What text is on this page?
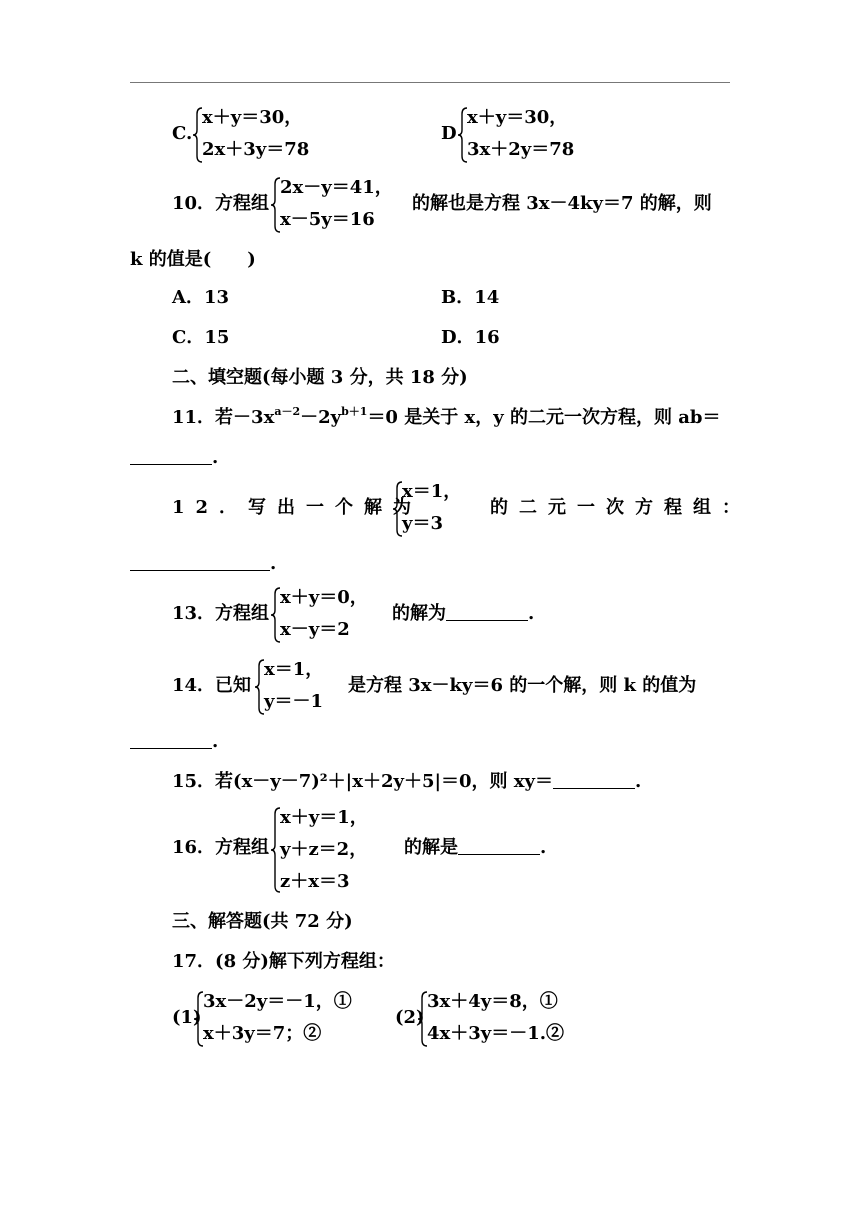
C.
x＋y＝30，
2x＋3y＝78
D
x＋y＝30，
3x＋2y＝78
10．方程组
2x－y＝41，
x－5y＝16
的解也是方程 3x－4ky＝7 的解，则
k 的值是(　　)
A．13	B．14
C．15	D．16
二、填空题(每小题 3 分，共 18 分)
11．若$-3x^{a-2}-2y^{b+1}=0$ 是关于 x，y 的二元一次方程，则 ab＝
.
12．写出一个解为
x＝1，
y＝3
的二元一次方程组：
.
13．方程组
x＋y＝0，
x－y＝2
的解为	.
14．已知
x＝1，
y＝－1
是方程 3x－ky＝6 的一个解，则 k 的值为
.
15．若(x－y－7)²＋|x＋2y＋5|＝0，则 xy＝	.
16．方程组
x＋y＝1，
y＋z＝2，
z＋x＝3
的解是	.
三、解答题(共 72 分)
17．(8 分)解下列方程组：
(1)
3x－2y＝－1，①
x＋3y＝7；②
(2)
3x＋4y＝8，①
4x＋3y＝－1.②
